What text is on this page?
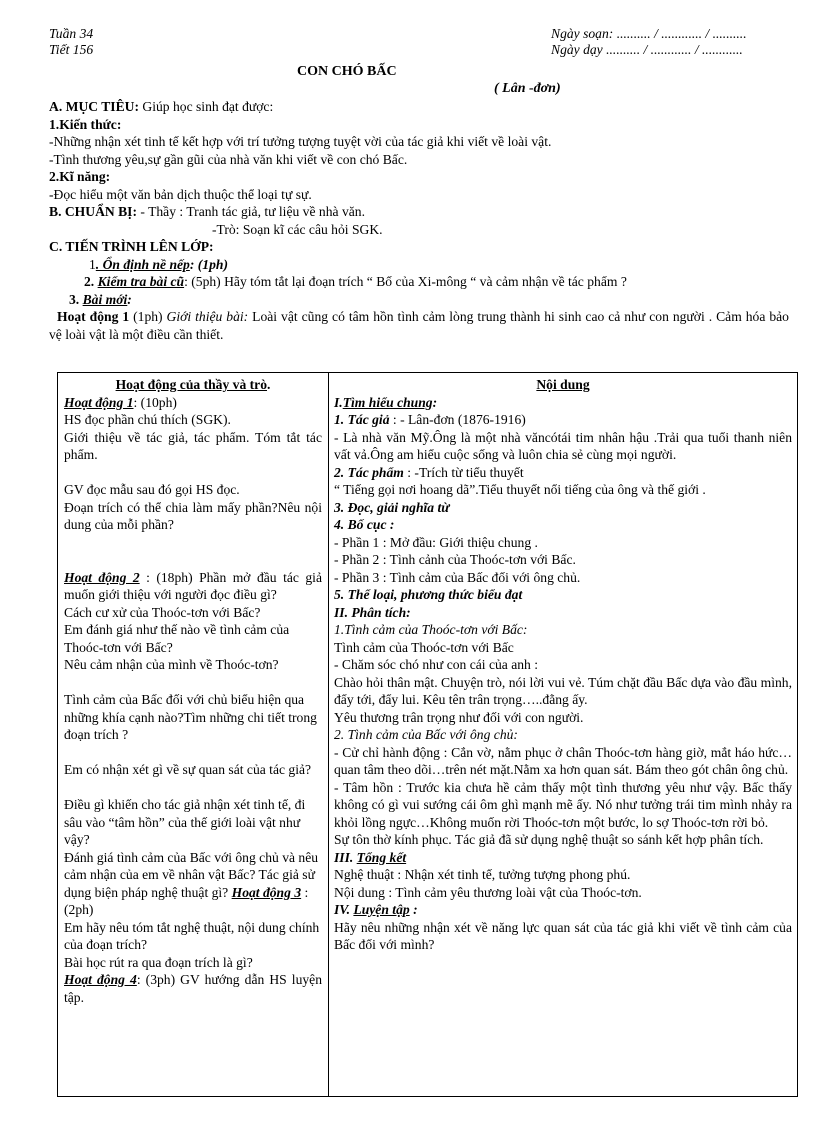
Tuần 34
Tiết 156
Ngày soạn: .......... / ............ / ..........
Ngày dạy .......... / ............ / ............
CON CHÓ BẤC
( Lân -đơn)
A. MỤC TIÊU: Giúp học sinh đạt được:
1.Kiến thức:
-Những nhận xét tinh tế kết hợp với trí tưởng tượng tuyệt vời của tác giả khi viết về loài vật.
-Tình thương yêu,sự gần gũi của nhà văn khi viết về con chó Bấc.
2.Kĩ năng:
-Đọc hiểu một văn bản dịch thuộc thể loại tự sự.
B. CHUẨN BỊ: - Thầy : Tranh tác giả, tư liệu về nhà văn.
-Trò: Soạn kĩ các câu hỏi SGK.
C. TIẾN TRÌNH LÊN LỚP:
1. Ổn định nề nếp: (1ph)
2. Kiểm tra bài cũ: (5ph) Hãy tóm tắt lại đoạn trích “ Bố của Xi-mông “ và cảm nhận về tác phẩm ?
3. Bài mới:
Hoạt động 1 (1ph) Giới thiệu bài: Loài vật cũng có tâm hồn tình cảm lòng trung thành hi sinh cao cả như con người . Cảm hóa bảo vệ loài vật là một điều cần thiết.

Hoạt động của thầy và trò.

Hoạt động 1: (10ph)

HS đọc phần chú thích (SGK).

Giới thiệu về tác giả, tác phẩm. Tóm tắt tác phẩm.

GV đọc mẫu sau đó gọi HS đọc.

Đoạn trích có thể chia làm mấy phần?Nêu nội dung của mỗi phần?

Hoạt động 2 : (18ph) Phần mở đầu tác giả muốn giới thiệu với người đọc điều gì?

Cách cư xử của Thoóc-tơn với Bấc?

Em đánh giá như thế nào về tình cảm của Thoóc-tơn với Bấc?

Nêu cảm nhận của mình về Thoóc-tơn?

Tình cảm của Bấc đối với chủ biểu hiện qua những khía cạnh nào?Tìm những chi tiết trong đoạn trích ?

Em có nhận xét gì về sự quan sát của tác giả?

Điều gì khiến cho tác giả nhận xét tinh tế, đi sâu vào “tâm hồn” của thế giới loài vật như vậy?

Đánh giá tình cảm của Bấc với ông chủ và nêu cảm nhận của em về nhân vật Bấc? Tác giả sử dụng biện pháp nghệ thuật gì? Hoạt động 3 : (2ph)

Em hãy nêu tóm tắt nghệ thuật, nội dung chính của đoạn trích?

Bài học rút ra qua đoạn trích là gì?

Hoạt động 4: (3ph) GV hướng dẫn HS luyện tập.

Nội dung

I.Tìm hiểu chung:

1. Tác giả : - Lân-đơn (1876-1916)

- Là nhà văn Mỹ.Ông là một nhà văncótái tim nhân hậu .Trải qua tuổi thanh niên vất vả.Ông am hiểu cuộc sống và luôn chia sẻ cùng mọi người.

2. Tác phẩm : -Trích từ tiểu thuyết

“ Tiếng gọi nơi hoang dã”.Tiểu thuyết nổi tiếng của ông và thế giới .

3. Đọc, giải nghĩa từ

4. Bố cục :

- Phần 1 : Mở đầu: Giới thiệu chung .

- Phần 2 : Tình cảnh của Thoóc-tơn với Bấc.

- Phần 3 : Tình cảm của Bấc đối với ông chủ.

5. Thể loại, phương thức biểu đạt

II. Phân tích:

1.Tình cảm của Thoóc-tơn với Bấc:

Tình cảm của Thoóc-tơn với Bấc

- Chăm sóc chó như con cái của anh :

Chào hỏi thân mật. Chuyện trò, nói lời vui vẻ. Túm chặt đầu Bấc dựa vào đầu mình, đẩy tới, đẩy lui. Kêu tên trân trọng…..đằng ấy.

Yêu thương trân trọng như đối với con người.

2. Tình cảm của Bấc với ông chủ:

- Cử chỉ hành động : Cắn vờ, nằm phục ở chân Thoóc-tơn hàng giờ, mắt háo hức…quan tâm theo dõi…trên nét mặt.Nằm xa hơn quan sát. Bám theo gót chân ông chủ.

- Tâm hồn : Trước kia chưa hề cảm thấy một tình thương yêu như vậy. Bấc thấy không có gì vui sướng cái ôm ghì mạnh mẽ ấy. Nó như tưởng trái tim mình nhảy ra khỏi lồng ngực…Không muốn rời Thoóc-tơn một bước, lo sợ Thoóc-tơn rời bỏ.

Sự tôn thờ kính phục. Tác giả đã sử dụng nghệ thuật so sánh kết hợp phân tích.

III. Tổng kết

Nghệ thuật : Nhận xét tinh tế, tưởng tượng phong phú.

Nội dung : Tình cảm yêu thương loài vật của Thoóc-tơn.

IV. Luyện tập :

Hãy nêu những nhận xét về năng lực quan sát của tác giả khi viết về tình cảm của Bấc đối với mình?
